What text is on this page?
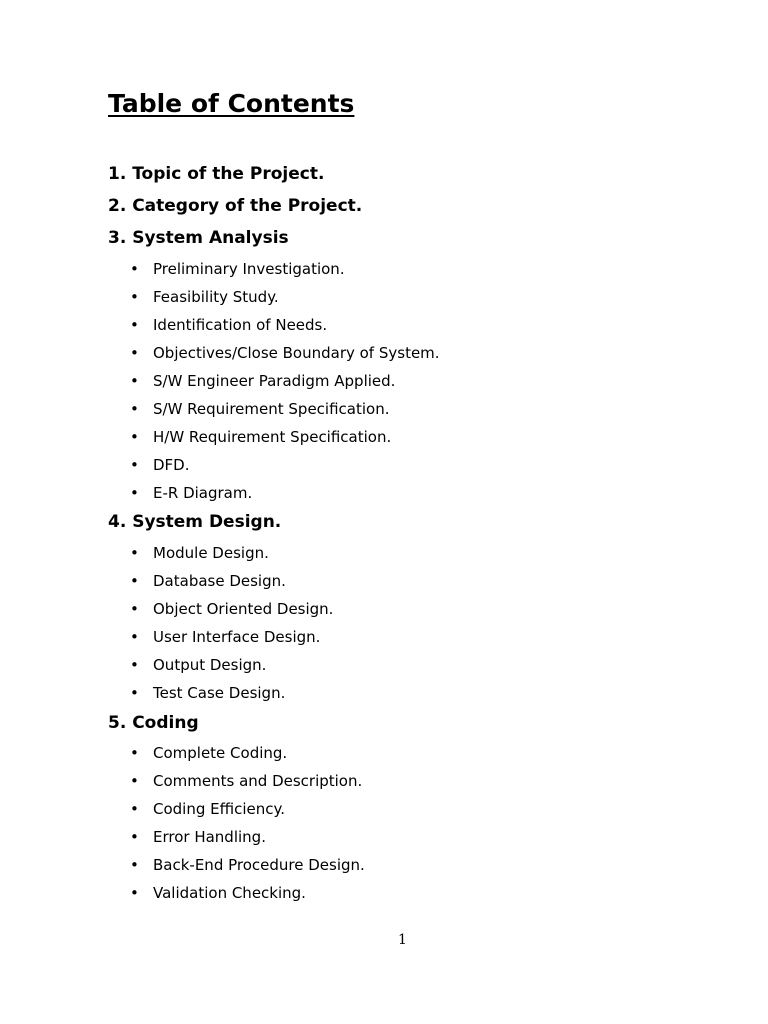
Table of Contents
1. Topic of the Project.
2. Category of the Project.
3. System Analysis
• Preliminary Investigation.
• Feasibility Study.
• Identification of Needs.
• Objectives/Close Boundary of System.
• S/W Engineer Paradigm Applied.
• S/W Requirement Specification.
• H/W Requirement Specification.
• DFD.
• E-R Diagram.
4. System Design.
• Module Design.
• Database Design.
• Object Oriented Design.
• User Interface Design.
• Output Design.
• Test Case Design.
5. Coding
• Complete Coding.
• Comments and Description.
• Coding Efficiency.
• Error Handling.
• Back-End Procedure Design.
• Validation Checking.
1
